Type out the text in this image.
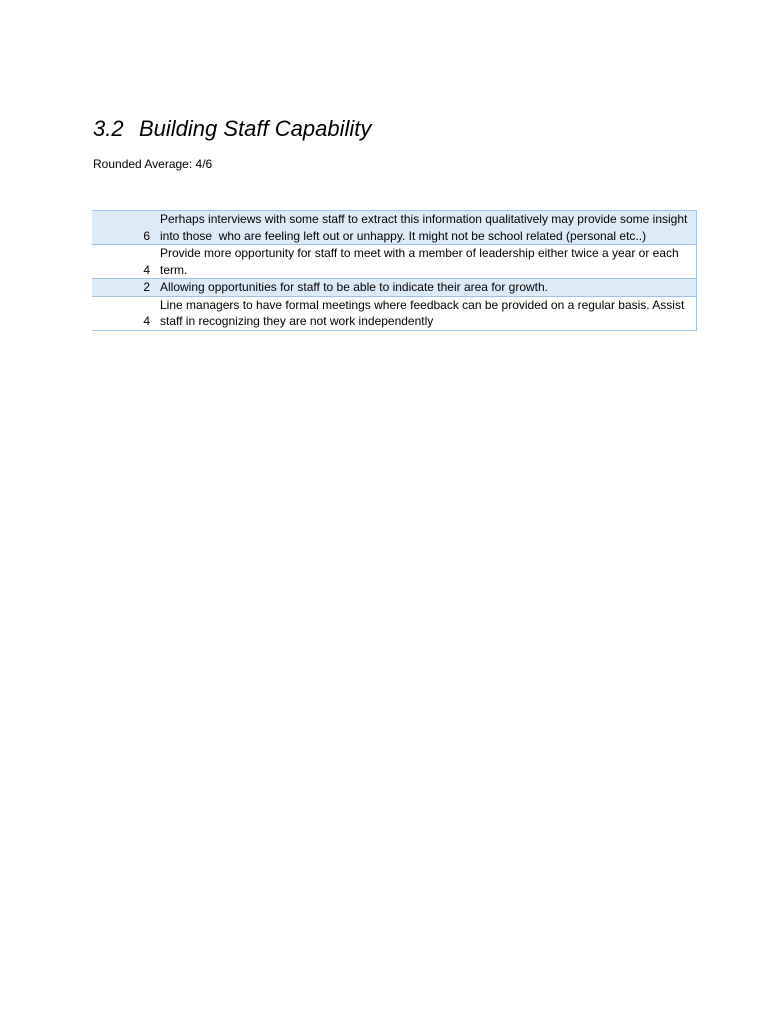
3.2 Building Staff Capability
Rounded Average: 4/6
6
Perhaps interviews with some staff to extract this information qualitatively may provide some insight into those  who are feeling left out or unhappy. It might not be school related (personal etc..)
4
Provide more opportunity for staff to meet with a member of leadership either twice a year or each term.
2 Allowing opportunities for staff to be able to indicate their area for growth.
4
Line managers to have formal meetings where feedback can be provided on a regular basis. Assist staff in recognizing they are not work independently
